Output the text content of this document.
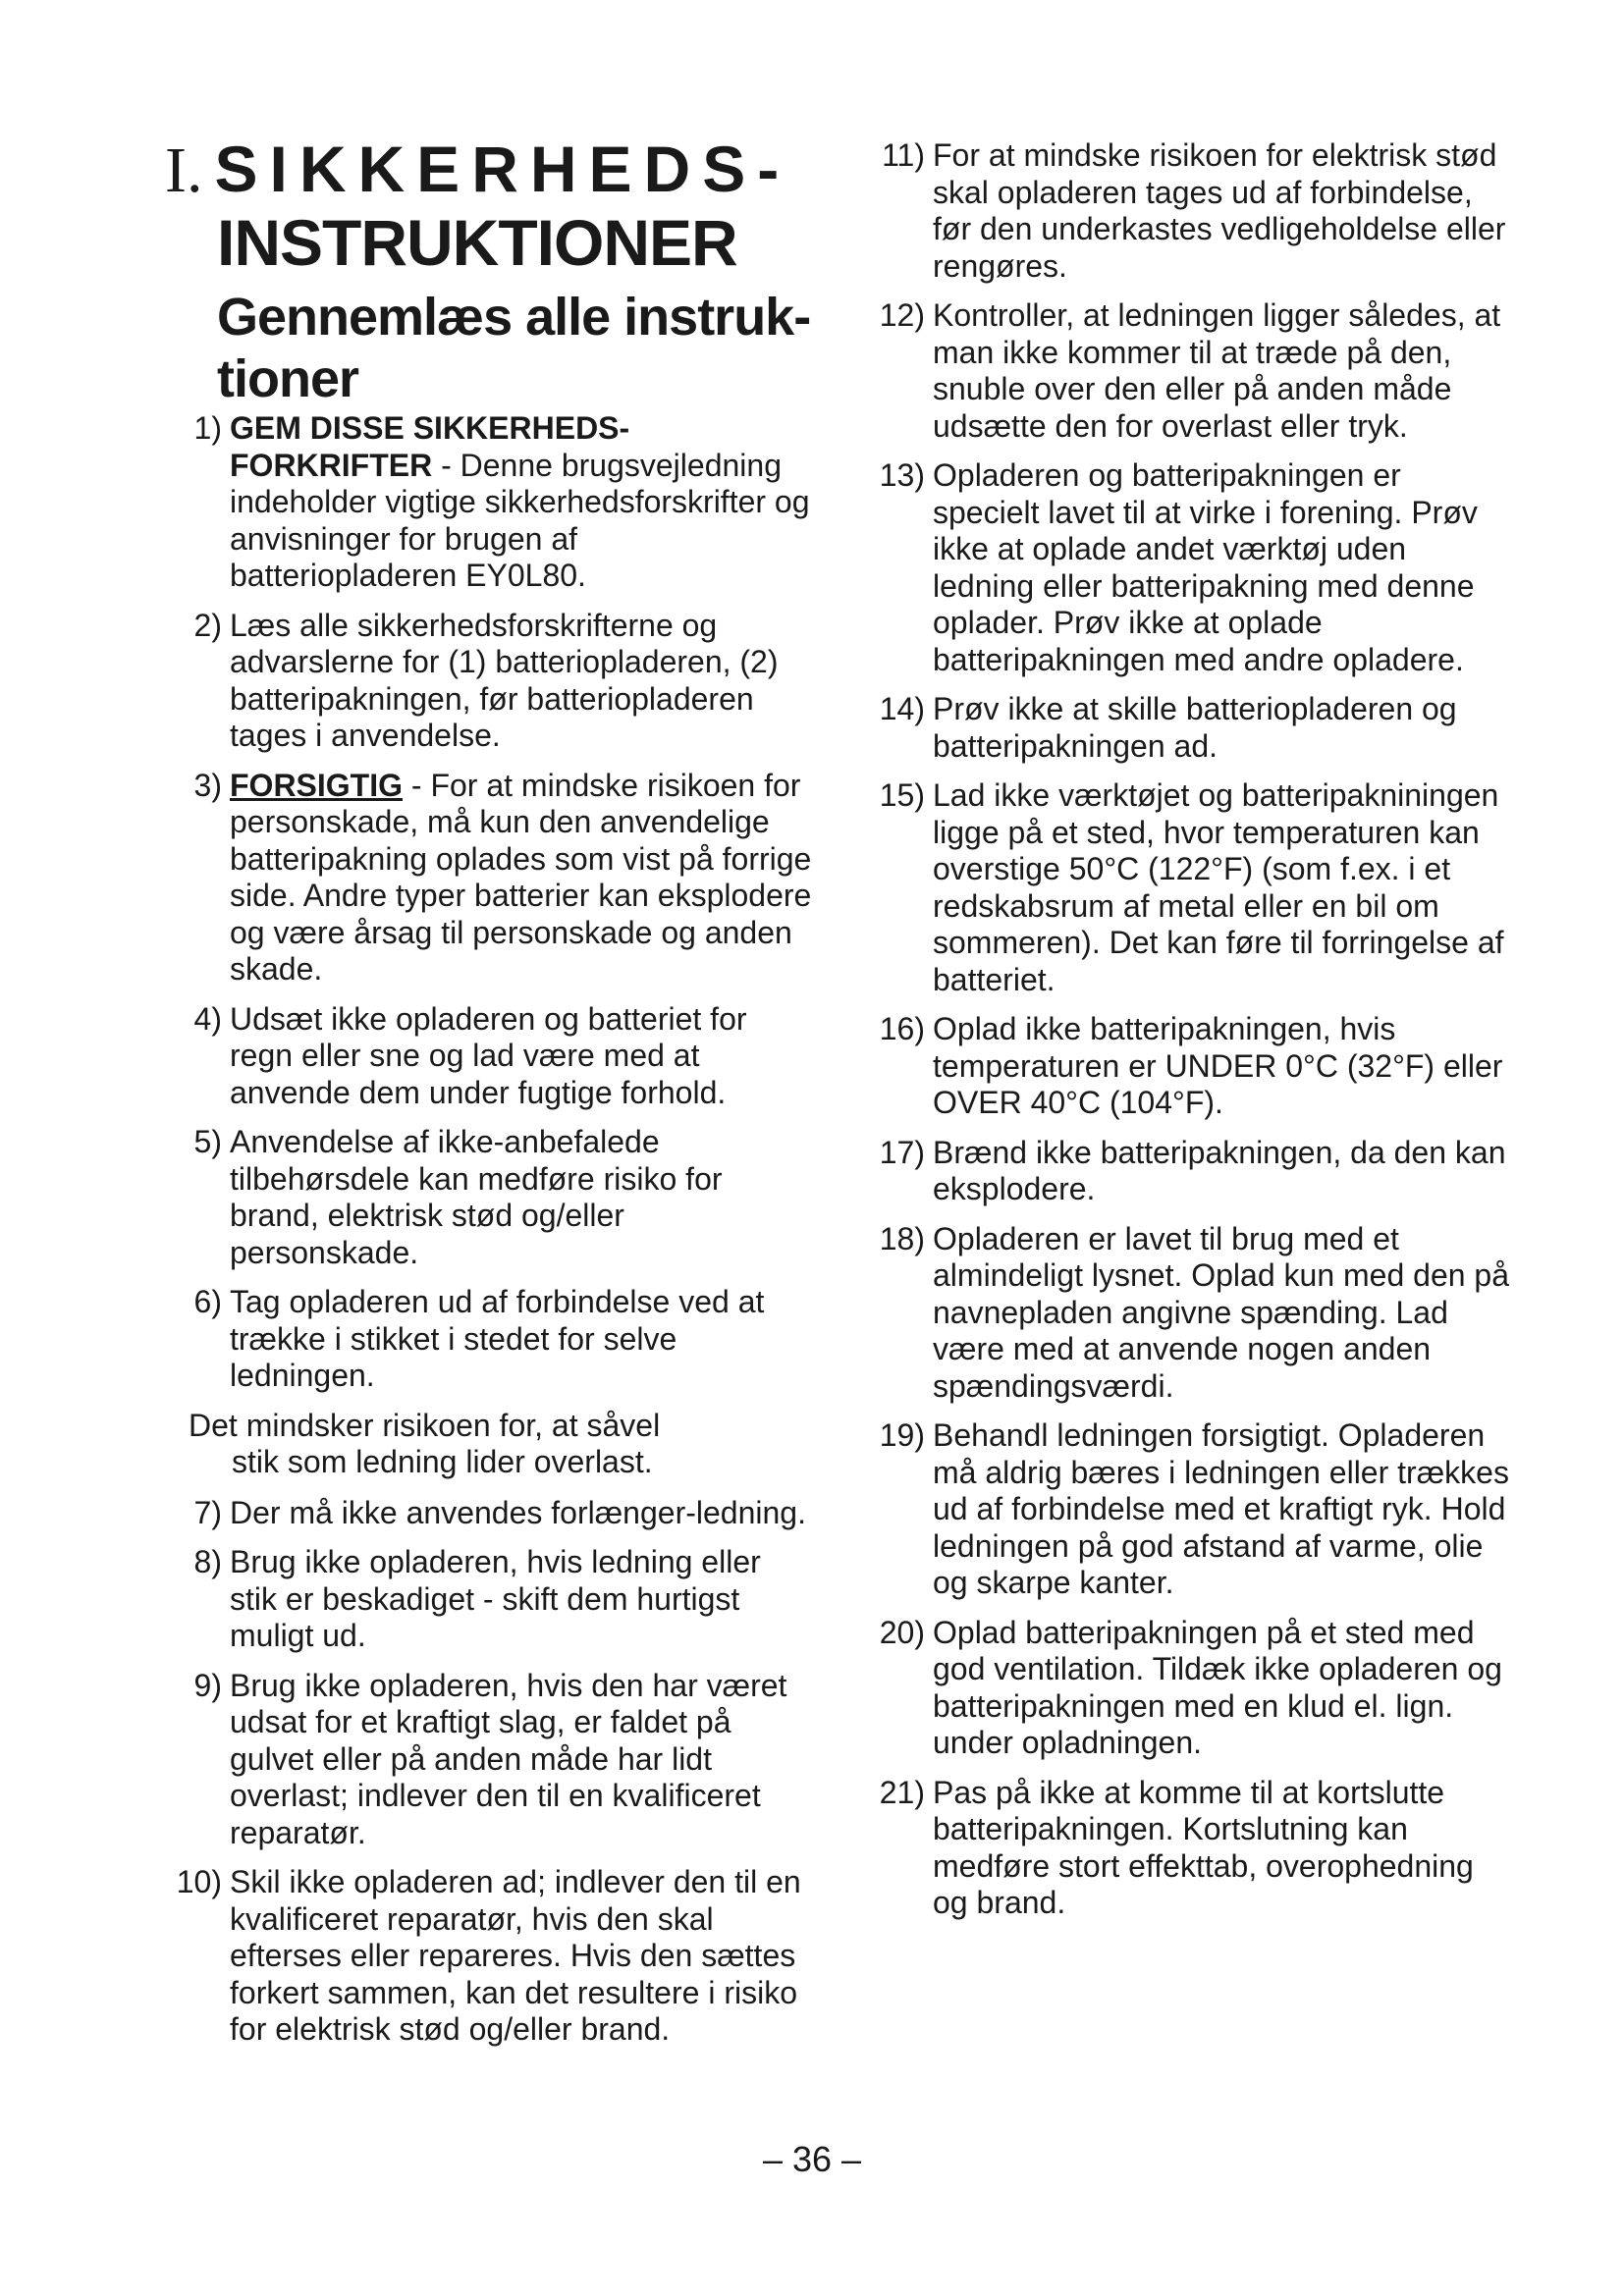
I. SIKKERHEDS-
INSTRUKTIONER
Gennemlæs alle instruk-tioner
1) GEM DISSE SIKKERHEDS-FORKRIFTER - Denne brugsvejledning indeholder vigtige sikkerhedsforskrifter og anvisninger for brugen af batteriopladeren EY0L80.
2) Læs alle sikkerhedsforskrifterne og advarslerne for (1) batteriopladeren, (2) batteripakningen, før batteriopladeren tages i anvendelse.
3) FORSIGTIG - For at mindske risikoen for personskade, må kun den anvendelige batteripakning oplades som vist på forrige side. Andre typer batterier kan eksplodere og være årsag til personskade og anden skade.
4) Udsæt ikke opladeren og batteriet for regn eller sne og lad være med at anvende dem under fugtige forhold.
5) Anvendelse af ikke-anbefalede tilbehørsdele kan medføre risiko for brand, elektrisk stød og/eller personskade.
6) Tag opladeren ud af forbindelse ved at trække i stikket i stedet for selve ledningen.
Det mindsker risikoen for, at såvel
stik som ledning lider overlast.
7) Der må ikke anvendes forlænger-ledning.
8) Brug ikke opladeren, hvis ledning eller stik er beskadiget - skift dem hurtigst muligt ud.
9) Brug ikke opladeren, hvis den har været udsat for et kraftigt slag, er faldet på gulvet eller på anden måde har lidt overlast; indlever den til en kvalificeret reparatør.
10) Skil ikke opladeren ad; indlever den til en kvalificeret reparatør, hvis den skal efterses eller repareres. Hvis den sættes forkert sammen, kan det resultere i risiko for elektrisk stød og/eller brand.
11) For at mindske risikoen for elektrisk stød skal opladeren tages ud af forbindelse, før den underkastes vedligeholdelse eller rengøres.
12) Kontroller, at ledningen ligger således, at man ikke kommer til at træde på den, snuble over den eller på anden måde udsætte den for overlast eller tryk.
13) Opladeren og batteripakningen er specielt lavet til at virke i forening. Prøv ikke at oplade andet værktøj uden ledning eller batteripakning med denne oplader. Prøv ikke at oplade batteripakningen med andre opladere.
14) Prøv ikke at skille batteriopladeren og batteripakningen ad.
15) Lad ikke værktøjet og batteripakniningen ligge på et sted, hvor temperaturen kan overstige 50°C (122°F) (som f.ex. i et redskabsrum af metal eller en bil om sommeren). Det kan føre til forringelse af batteriet.
16) Oplad ikke batteripakningen, hvis temperaturen er UNDER 0°C (32°F) eller OVER 40°C (104°F).
17) Brænd ikke batteripakningen, da den kan eksplodere.
18) Opladeren er lavet til brug med et almindeligt lysnet. Oplad kun med den på navnepladen angivne spænding. Lad være med at anvende nogen anden spændingsværdi.
19) Behandl ledningen forsigtigt. Opladeren må aldrig bæres i ledningen eller trækkes ud af forbindelse med et kraftigt ryk. Hold ledningen på god afstand af varme, olie og skarpe kanter.
20) Oplad batteripakningen på et sted med god ventilation. Tildæk ikke opladeren og batteripakningen med en klud el. lign. under opladningen.
21) Pas på ikke at komme til at kortslutte batteripakningen. Kortslutning kan medføre stort effekttab, overophedning og brand.
– 36 –
